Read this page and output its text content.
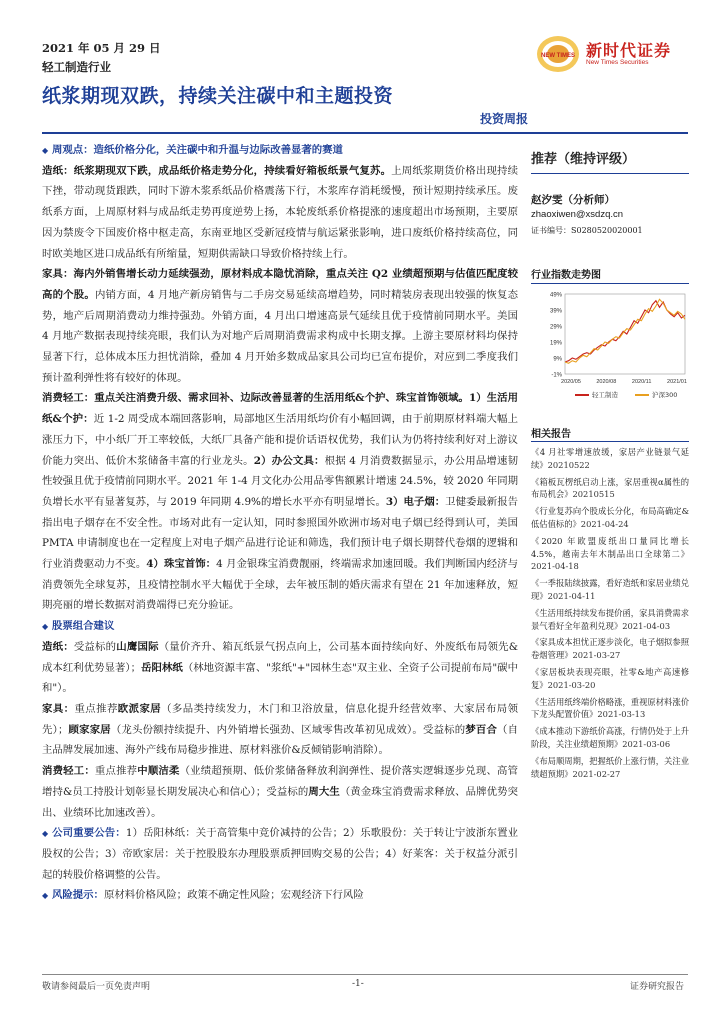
2021 年 05 月 29 日
轻工制造行业
NEW TIMES 新时代证券
New Times Securities
纸浆期现双跌，持续关注碳中和主题投资
投资周报
◆ 周观点：造纸价格分化，关注碳中和升温与边际改善显著的赛道

造纸：纸浆期现双下跌，成品纸价格走势分化，持续看好箱板纸景气复苏。上周纸浆期货价格出现持续下挫，带动现货跟跌，同时下游木浆系纸品价格震荡下行，木浆库存消耗缓慢，预计短期持续承压。废纸系方面，上周原材料与成品纸走势再度逆势上扬，本轮废纸系价格提涨的速度超出市场预期，主要原因为禁废令下国废价格中枢走高，东南亚地区受新冠疫情与航运紧张影响，进口废纸价格持续高位，同时欧美地区进口成品纸有所缩量，短期供需缺口导致价格持续上行。

家具：海内外销售增长动力延续强劲，原材料成本隐忧消除，重点关注 Q2 业绩超预期与估值匹配度较高的个股。内销方面，4 月地产新房销售与二手房交易延续高增趋势，同时精装房表现出较强的恢复态势，地产后周期消费动力维持强劲。外销方面，4 月出口增速高景气延续且优于疫情前同期水平。美国 4 月地产数据表现持续亮眼，我们认为对地产后周期消费需求构成中长期支撑。上游主要原材料均保持显著下行，总体成本压力担忧消除，叠加 4 月开始多数成品家具公司均已宣布提价，对应到二季度我们预计盈利弹性将有较好的体现。

消费轻工：重点关注消费升级、需求回补、边际改善显著的生活用纸&个护、珠宝首饰领域。1）生活用纸&个护：近 1-2 周受成本端回落影响，局部地区生活用纸均价有小幅回调，由于前期原材料端大幅上涨压力下，中小纸厂开工率较低，大纸厂具备产能和提价话语权优势，我们认为仍将持续利好对上游议价能力突出、低价木浆储备丰富的行业龙头。2）办公文具：根据 4 月消费数据显示，办公用品增速韧性较强且优于疫情前同期水平。2021 年 1-4 月文化办公用品零售额累计增速 24.5%，较 2020 年同期负增长水平有显著复苏，与 2019 年同期 4.9%的增长水平亦有明显增长。3）电子烟：卫健委最新报告指出电子烟存在不安全性。市场对此有一定认知，同时参照国外欧洲市场对电子烟已经得到认可，美国 PMTA 申请制度也在一定程度上对电子烟产品进行论证和筛选，我们预计电子烟长期替代卷烟的逻辑和行业消费驱动力不变。4）珠宝首饰：4 月金银珠宝消费靓丽，终端需求加速回暖。我们判断国内经济与消费领先全球复苏，且疫情控制水平大幅优于全球，去年被压制的婚庆需求有望在 21 年加速释放，短期亮丽的增长数据对消费端得已充分验证。

◆ 股票组合建议

造纸：受益标的山鹰国际（量价齐升、箱瓦纸景气拐点向上，公司基本面持续向好、外废纸布局领先&成本红利优势显著）；岳阳林纸（林地资源丰富、"浆纸"+"园林生态"双主业、全资子公司提前布局"碳中和"）。

家具：重点推荐欧派家居（多品类持续发力，木门和卫浴放量，信息化提升经营效率、大家居布局领先）；顾家家居（龙头份额持续提升、内外销增长强劲、区域零售改革初见成效）。受益标的梦百合（自主品牌发展加速、海外产线布局稳步推进、原材料涨价&反倾销影响消除）。

消费轻工：重点推荐中顺洁柔（业绩超预期、低价浆储备释放利润弹性、提价落实逻辑逐步兑现、高管增持&员工持股计划彰显长期发展决心和信心）；受益标的周大生（黄金珠宝消费需求释放、品牌优势突出、业绩环比加速改善）。

◆ 公司重要公告：1）岳阳林纸：关于高管集中竞价减持的公告；2）乐歌股份：关于转让宁波浙东置业股权的公告；3）帝欧家居：关于控股股东办理股票质押回购交易的公告；4）好莱客：关于权益分派引起的转股价格调整的公告。

◆ 风险提示：原材料价格风险；政策不确定性风险；宏观经济下行风险

推荐（维持评级）
赵汐雯（分析师）
zhaoxiwen@xsdzq.cn
证书编号：S0280520020001
行业指数走势图
49%
39%
29%
19%
9%
-1%
2020/05	2020/08	2020/11	2021/01
轻工制造	沪深300
相关报告
《4 月社零增速放缓，家居产业链景气延续》20210522
《箱板瓦楞纸启动上涨，家居重视α属性的布局机会》20210515
《行业复苏向个股成长分化，布局高确定&低估值标的》2021-04-24
《2020 年欧盟废纸出口量同比增长 4.5%，越南去年木制品出口全球第二》2021-04-18
《一季报陆续披露，看好造纸和家居业绩兑现》2021-04-11
《生活用纸持续发布提价函，家具消费需求景气看好全年盈利兑现》2021-04-03
《家具成本担忧正逐步淡化，电子烟拟参照卷烟管理》2021-03-27
《家居板块表现亮眼，社零&地产高速修复》2021-03-20
《生活用纸终端价格略涨，重视原材料涨价下龙头配置价值》2021-03-13
《成本推动下游纸价高涨，行情仍处于上升阶段，关注业绩超预期》2021-03-06
《布局顺周期，把握纸价上涨行情，关注业绩超预期》2021-02-27
敬请参阅最后一页免责声明	-1-	证券研究报告
